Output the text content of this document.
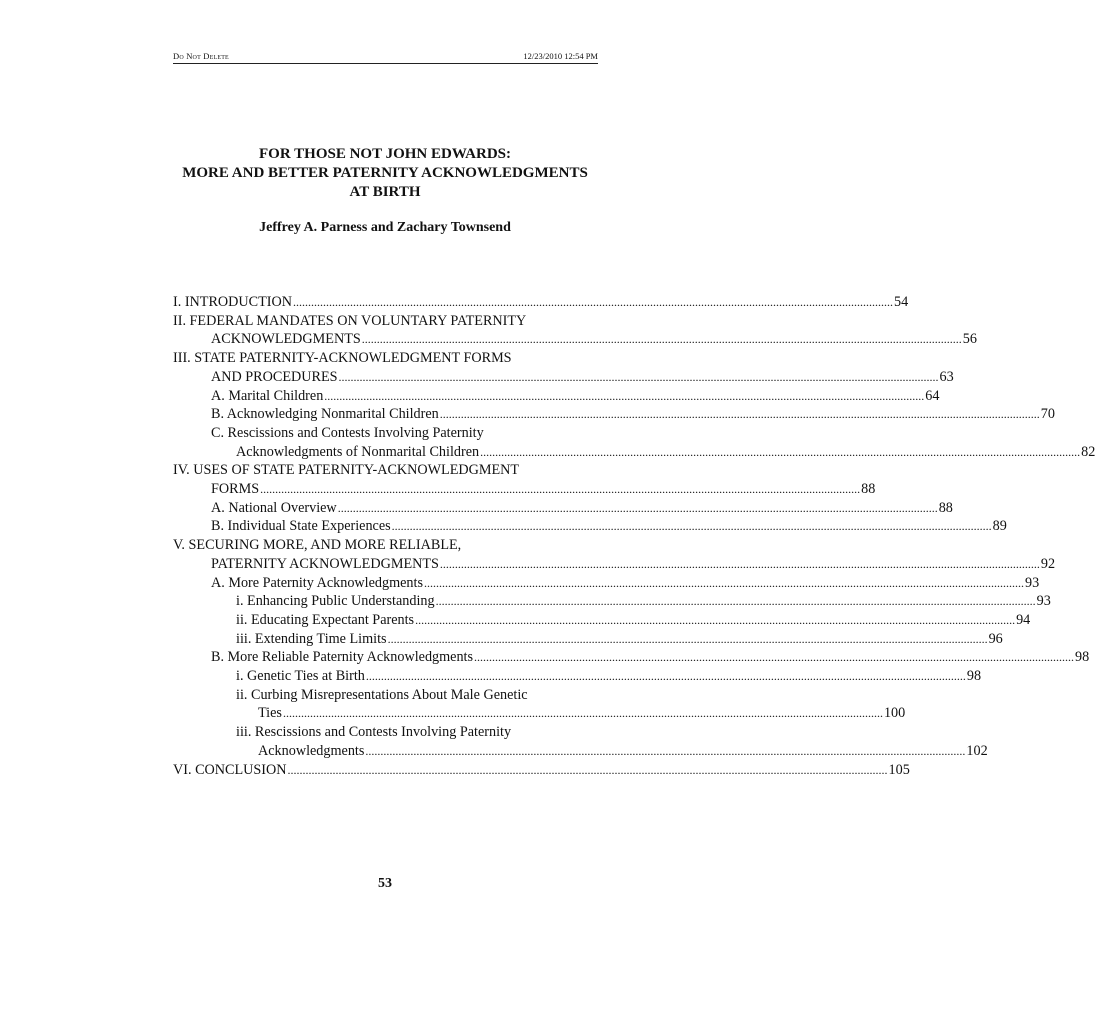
Do Not Delete	12/23/2010 12:54 PM
FOR THOSE NOT JOHN EDWARDS:
MORE AND BETTER PATERNITY ACKNOWLEDGMENTS
AT BIRTH
Jeffrey A. Parness and Zachary Townsend
I. INTRODUCTION ........................................................................................................................................................................................................ 54
II. FEDERAL MANDATES ON VOLUNTARY PATERNITY
ACKNOWLEDGMENTS ........................................................................................................................................................................................................ 56
III. STATE PATERNITY-ACKNOWLEDGMENT FORMS
AND PROCEDURES ........................................................................................................................................................................................................ 63
A. Marital Children ........................................................................................................................................................................................................ 64
B. Acknowledging Nonmarital Children ........................................................................................................................................................................................................ 70
C. Rescissions and Contests Involving Paternity
Acknowledgments of Nonmarital Children ........................................................................................................................................................................................................ 82
IV. USES OF STATE PATERNITY-ACKNOWLEDGMENT
FORMS ........................................................................................................................................................................................................ 88
A. National Overview ........................................................................................................................................................................................................ 88
B. Individual State Experiences ........................................................................................................................................................................................................ 89
V. SECURING MORE, AND MORE RELIABLE,
PATERNITY ACKNOWLEDGMENTS ........................................................................................................................................................................................................ 92
A. More Paternity Acknowledgments ........................................................................................................................................................................................................ 93
i. Enhancing Public Understanding ........................................................................................................................................................................................................ 93
ii. Educating Expectant Parents ........................................................................................................................................................................................................ 94
iii. Extending Time Limits ........................................................................................................................................................................................................ 96
B. More Reliable Paternity Acknowledgments ........................................................................................................................................................................................................ 98
i. Genetic Ties at Birth ........................................................................................................................................................................................................ 98
ii. Curbing Misrepresentations About Male Genetic
Ties ........................................................................................................................................................................................................ 100
iii. Rescissions and Contests Involving Paternity
Acknowledgments ........................................................................................................................................................................................................ 102
VI. CONCLUSION ........................................................................................................................................................................................................ 105
53
